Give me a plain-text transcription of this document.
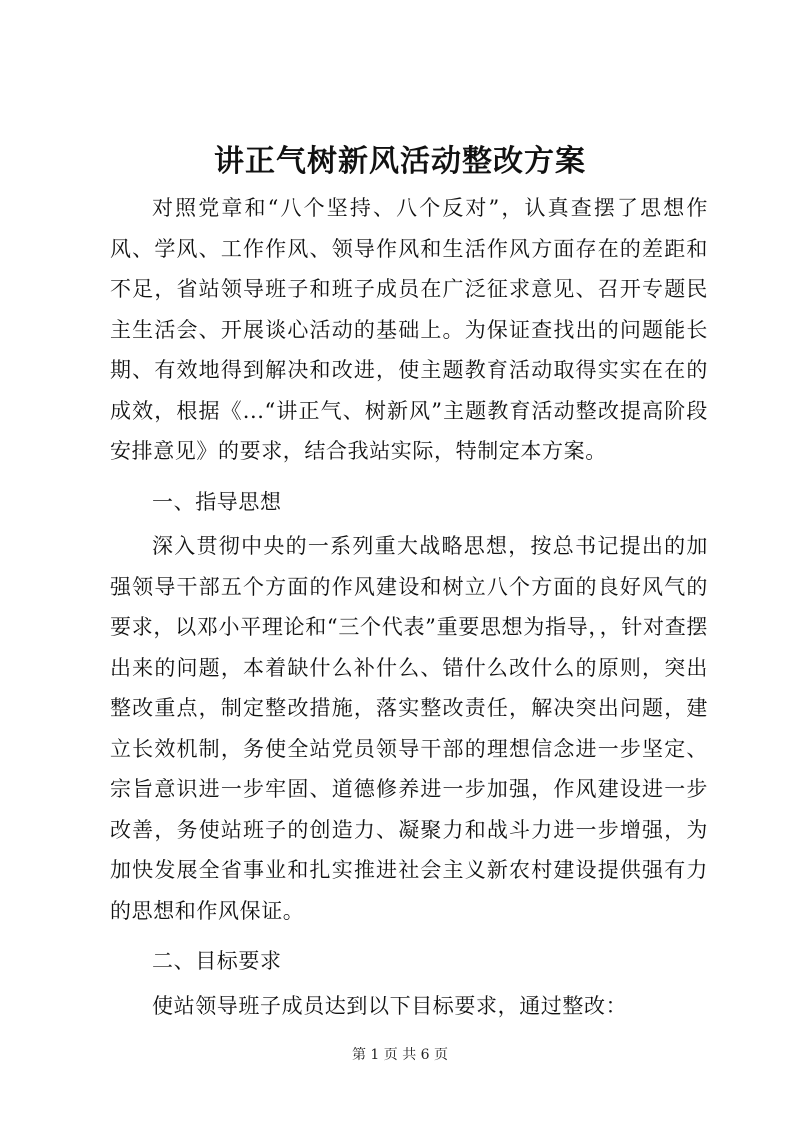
讲正气树新风活动整改方案

对照党章和“八个坚持、八个反对”，认真查摆了思想作风、学风、工作作风、领导作风和生活作风方面存在的差距和不足，省站领导班子和班子成员在广泛征求意见、召开专题民主生活会、开展谈心活动的基础上。为保证查找出的问题能长期、有效地得到解决和改进，使主题教育活动取得实实在在的成效，根据《...“讲正气、树新风”主题教育活动整改提高阶段安排意见》的要求，结合我站实际，特制定本方案。

一、指导思想

深入贯彻中央的一系列重大战略思想，按总书记提出的加强领导干部五个方面的作风建设和树立八个方面的良好风气的要求，以邓小平理论和“三个代表”重要思想为指导，，针对查摆出来的问题，本着缺什么补什么、错什么改什么的原则，突出整改重点，制定整改措施，落实整改责任，解决突出问题，建立长效机制，务使全站党员领导干部的理想信念进一步坚定、宗旨意识进一步牢固、道德修养进一步加强，作风建设进一步改善，务使站班子的创造力、凝聚力和战斗力进一步增强，为加快发展全省事业和扎实推进社会主义新农村建设提供强有力的思想和作风保证。

二、目标要求

使站领导班子成员达到以下目标要求，通过整改：

第 1 页 共 6 页
